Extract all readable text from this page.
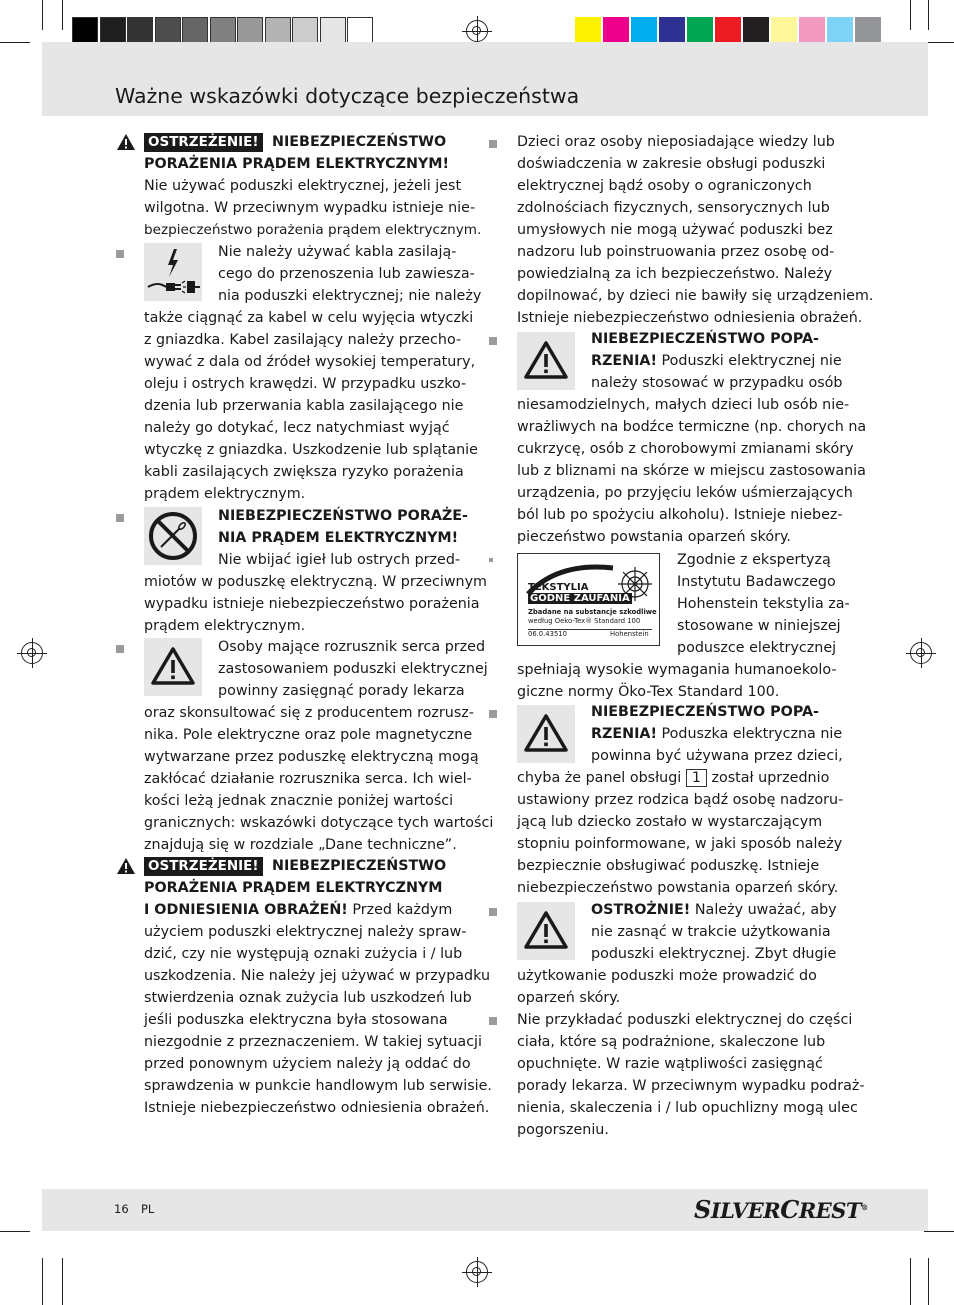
Ważne wskazówki dotyczące bezpieczeństwa
OSTRZEŻENIE! NIEBEZPIECZEŃSTWO
PORAŻENIA PRĄDEM ELEKTRYCZNYM!
Nie używać poduszki elektrycznej, jeżeli jest
wilgotna. W przeciwnym wypadku istnieje nie-
bezpieczeństwo porażenia prądem elektrycznym.
Nie należy używać kabla zasilają-
cego do przenoszenia lub zawiesza-
nia poduszki elektrycznej; nie należy
także ciągnąć za kabel w celu wyjęcia wtyczki
z gniazdka. Kabel zasilający należy przecho-
wywać z dala od źródeł wysokiej temperatury,
oleju i ostrych krawędzi. W przypadku uszko-
dzenia lub przerwania kabla zasilającego nie
należy go dotykać, lecz natychmiast wyjąć
wtyczkę z gniazdka. Uszkodzenie lub splątanie
kabli zasilających zwiększa ryzyko porażenia
prądem elektrycznym.
NIEBEZPIECZEŃSTWO PORAŻE-
NIA PRĄDEM ELEKTRYCZNYM!
Nie wbijać igieł lub ostrych przed-
miotów w poduszkę elektryczną. W przeciwnym
wypadku istnieje niebezpieczeństwo porażenia
prądem elektrycznym.
Osoby mające rozrusznik serca przed
zastosowaniem poduszki elektrycznej
powinny zasięgnąć porady lekarza
oraz skonsultować się z producentem rozrusz-
nika. Pole elektryczne oraz pole magnetyczne
wytwarzane przez poduszkę elektryczną mogą
zakłócać działanie rozrusznika serca. Ich wiel-
kości leżą jednak znacznie poniżej wartości
granicznych: wskazówki dotyczące tych wartości
znajdują się w rozdziale „Dane techniczne”.
OSTRZEŻENIE! NIEBEZPIECZEŃSTWO
PORAŻENIA PRĄDEM ELEKTRYCZNYM
I ODNIESIENIA OBRAŻEŃ! Przed każdym
użyciem poduszki elektrycznej należy spraw-
dzić, czy nie występują oznaki zużycia i / lub
uszkodzenia. Nie należy jej używać w przypadku
stwierdzenia oznak zużycia lub uszkodzeń lub
jeśli poduszka elektryczna była stosowana
niezgodnie z przeznaczeniem. W takiej sytuacji
przed ponownym użyciem należy ją oddać do
sprawdzenia w punkcie handlowym lub serwisie.
Istnieje niebezpieczeństwo odniesienia obrażeń.
Dzieci oraz osoby nieposiadające wiedzy lub
doświadczenia w zakresie obsługi poduszki
elektrycznej bądź osoby o ograniczonych
zdolnościach fizycznych, sensorycznych lub
umysłowych nie mogą używać poduszki bez
nadzoru lub poinstruowania przez osobę od-
powiedzialną za ich bezpieczeństwo. Należy
dopilnować, by dzieci nie bawiły się urządzeniem.
Istnieje niebezpieczeństwo odniesienia obrażeń.
NIEBEZPIECZEŃSTWO POPA-
RZENIA! Poduszki elektrycznej nie
należy stosować w przypadku osób
niesamodzielnych, małych dzieci lub osób nie-
wrażliwych na bodźce termiczne (np. chorych na
cukrzycę, osób z chorobowymi zmianami skóry
lub z bliznami na skórze w miejscu zastosowania
urządzenia, po przyjęciu leków uśmierzających
ból lub po spożyciu alkoholu). Istnieje niebez-
pieczeństwo powstania oparzeń skóry.
TEKSTYLIA
GODNE ZAUFANIA
Zbadane na substancje szkodliwe
według Oeko-Tex® Standard 100
06.0.43510	Hohenstein
Zgodnie z ekspertyzą
Instytutu Badawczego
Hohenstein tekstylia za-
stosowane w niniejszej
poduszce elektrycznej
spełniają wysokie wymagania humanoekolo-
giczne normy Öko-Tex Standard 100.
NIEBEZPIECZEŃSTWO POPA-
RZENIA! Poduszka elektryczna nie
powinna być używana przez dzieci,
chyba że panel obsługi 1 został uprzednio
ustawiony przez rodzica bądź osobę nadzoru-
jącą lub dziecko zostało w wystarczającym
stopniu poinformowane, w jaki sposób należy
bezpiecznie obsługiwać poduszkę. Istnieje
niebezpieczeństwo powstania oparzeń skóry.
OSTROŻNIE! Należy uważać, aby
nie zasnąć w trakcie użytkowania
poduszki elektrycznej. Zbyt długie
użytkowanie poduszki może prowadzić do
oparzeń skóry.
Nie przykładać poduszki elektrycznej do części
ciała, które są podrażnione, skaleczone lub
opuchnięte. W razie wątpliwości zasięgnąć
porady lekarza. W przeciwnym wypadku podraż-
nienia, skaleczenia i / lub opuchlizny mogą ulec
pogorszeniu.
16 PL	SILVERCREST®
